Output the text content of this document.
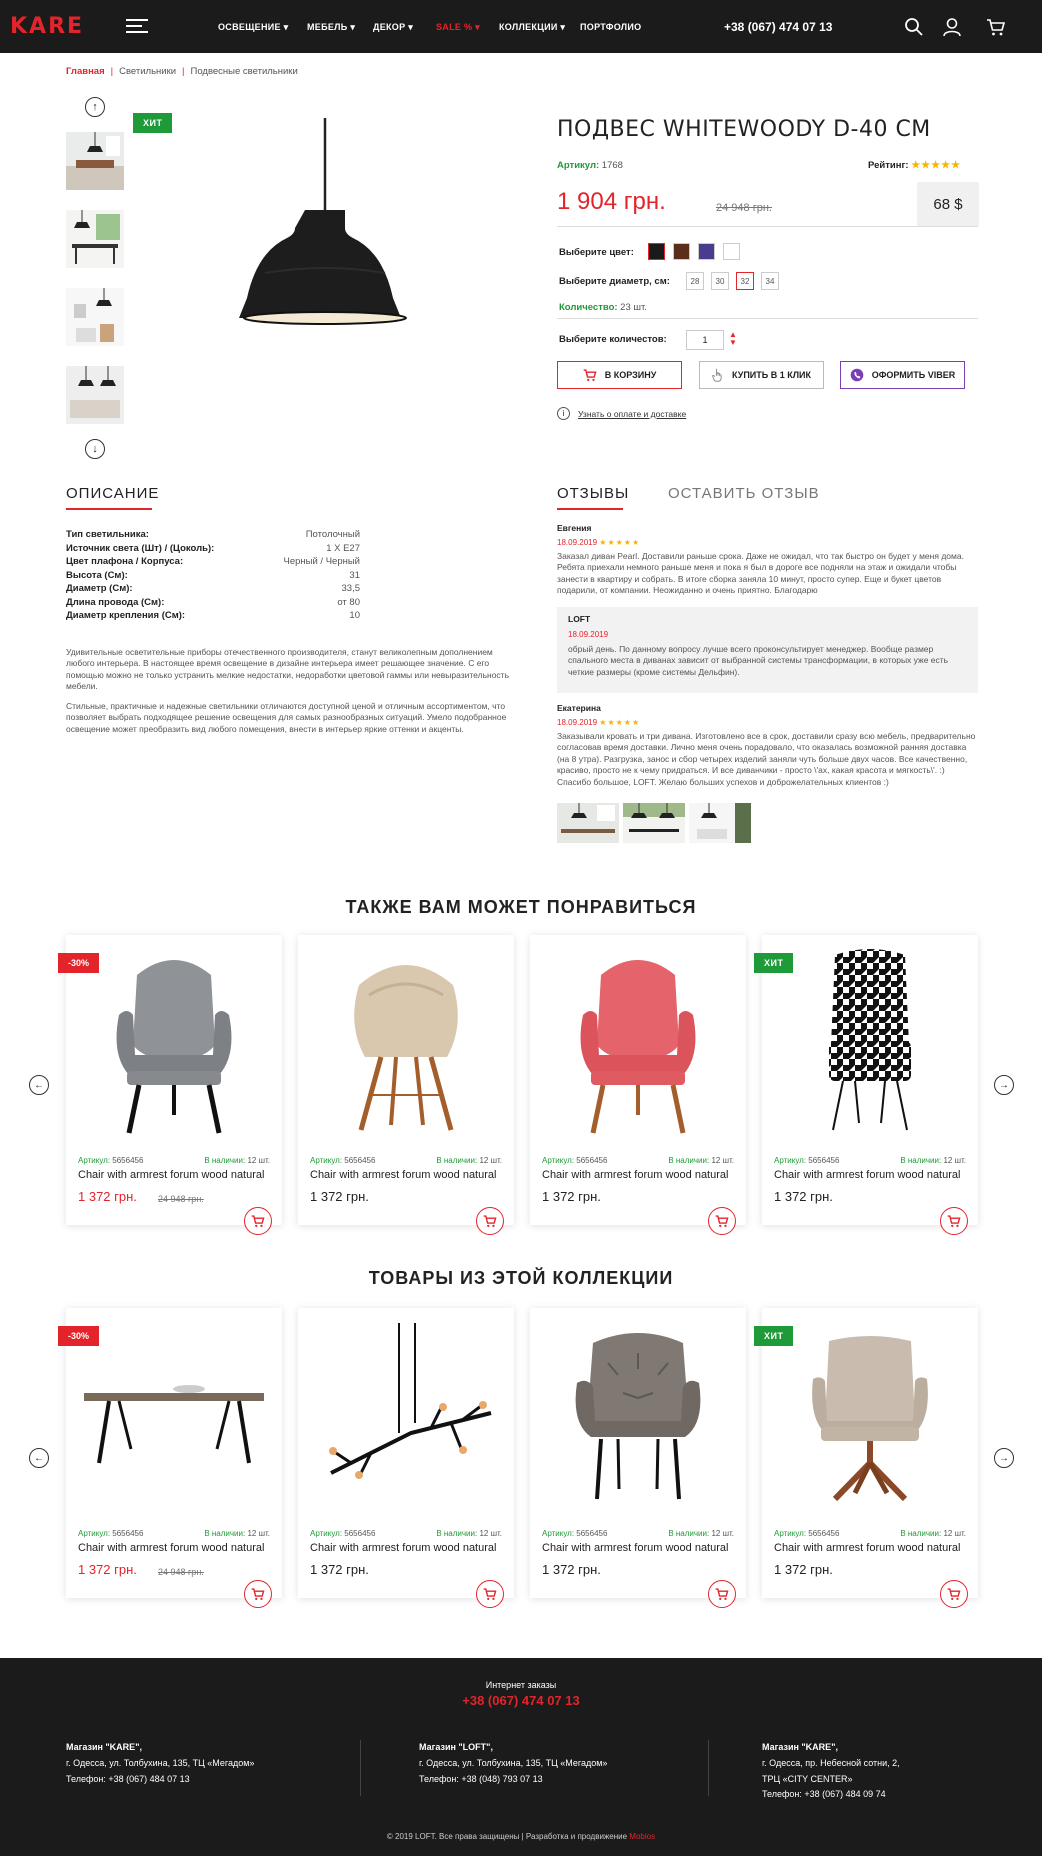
KARE	ОСВЕЩЕНИЕ ▾ МЕБЕЛЬ ▾ ДЕКОР ▾	SALE % ▾ КОЛЛЕКЦИИ ▾ ПОРТФОЛИО	+38 (067) 474 07 13
Главная | Светильники | Подвесные светильники
↑
↓
ХИТ	ПОДВЕС WHITEWOODY D-40 CM
Артикул: 1768	Рейтинг: ★★★★★
1 904 грн.	24 948 грн.	68 $
Выберите цвет:
Выберите диаметр, см:	28	30	32	34
Количество: 23 шт.
Выберите количестов:	1
▲
▼
В КОРЗИНУ	КУПИТЬ В 1 КЛИК	ОФОРМИТЬ VIBER
i	Узнать о оплате и доставке
ОПИСАНИЕ
Тип светильника:	Потолочный
Источник света (Шт) / (Цоколь):	1 X E27
Цвет плафона / Корпуса:	Черный / Черный
Высота (См):	31
Диаметр (См):	33,5
Длина провода (См):	от 80
Диаметр крепления (См):	10
Удивительные осветительные приборы отечественного производителя, станут великолепным дополнением любого интерьера. В настоящее время освещение в дизайне интерьера имеет решающее значение. С его помощью можно не только устранить мелкие недостатки, недоработки цветовой гаммы или невыразительность мебели.
Стильные, практичные и надежные светильники отличаются доступной ценой и отличным ассортиментом, что позволяет выбрать подходящее решение освещения для самых разнообразных ситуаций. Умело подобранное освещение может преобразить вид любого помещения, внести в интерьер яркие оттенки и акценты.
ОТЗЫВЫ	ОСТАВИТЬ ОТЗЫВ
Евгения
18.09.2019 ★★★★★
Заказал диван Pearl. Доставили раньше срока. Даже не ожидал, что так быстро он будет у меня дома. Ребята приехали немного раньше меня и пока я был в дороге все подняли на этаж и ожидали чтобы занести в квартиру и собрать. В итоге сборка заняла 10 минут, просто супер. Еще и букет цветов подарили, от компании. Неожиданно и очень приятно. Благодарю
LOFT
18.09.2019
обрый день. По данному вопросу лучше всего проконсультирует менеджер. Вообще размер спального места в диванах зависит от выбранной системы трансформации, в которых уже есть четкие размеры (кроме системы Дельфин).
Екатерина
18.09.2019 ★★★★★
Заказывали кровать и три дивана. Изготовлено все в срок, доставили сразу всю мебель, предварительно согласовав время доставки. Лично меня очень порадовало, что оказалась возможной ранняя доставка (на 8 утра). Разгрузка, занос и сбор четырех изделий заняли чуть больше двух часов. Все качественно, красиво, просто не к чему придраться. И все диванчики - просто \'ах, какая красота и мягкость\'. :) Спасибо большое, LOFT. Желаю больших успехов и доброжелательных клиентов :)
ТАКЖЕ ВАМ МОЖЕТ ПОНРАВИТЬСЯ
←	→
-30%
Артикул: 5656456	В наличии: 12 шт.
Chair with armrest forum wood natural
1 372 грн. 24 948 грн.
Артикул: 5656456	В наличии: 12 шт.
Chair with armrest forum wood natural
1 372 грн.
Артикул: 5656456	В наличии: 12 шт.
Chair with armrest forum wood natural
1 372 грн.
ХИТ
Артикул: 5656456	В наличии: 12 шт.
Chair with armrest forum wood natural
1 372 грн.
ТОВАРЫ ИЗ ЭТОЙ КОЛЛЕКЦИИ
←	→
-30%
Артикул: 5656456	В наличии: 12 шт.
Chair with armrest forum wood natural
1 372 грн. 24 948 грн.
Артикул: 5656456	В наличии: 12 шт.
Chair with armrest forum wood natural
1 372 грн.
Артикул: 5656456	В наличии: 12 шт.
Chair with armrest forum wood natural
1 372 грн.
ХИТ
Артикул: 5656456	В наличии: 12 шт.
Chair with armrest forum wood natural
1 372 грн.
Интернет заказы
+38 (067) 474 07 13
Магазин "KARE",
г. Одесса, ул. Толбухина, 135, ТЦ «Мегадом»
Телефон: +38 (067) 484 07 13
Магазин "LOFT",
г. Одесса, ул. Толбухина, 135, ТЦ «Мегадом»
Телефон: +38 (048) 793 07 13
Магазин "KARE",
г. Одесса, пр. Небесной сотни, 2,
ТРЦ «CITY CENTER»
Телефон: +38 (067) 484 09 74
© 2019 LOFT. Все права защищены | Разработка и продвижение Mobios
